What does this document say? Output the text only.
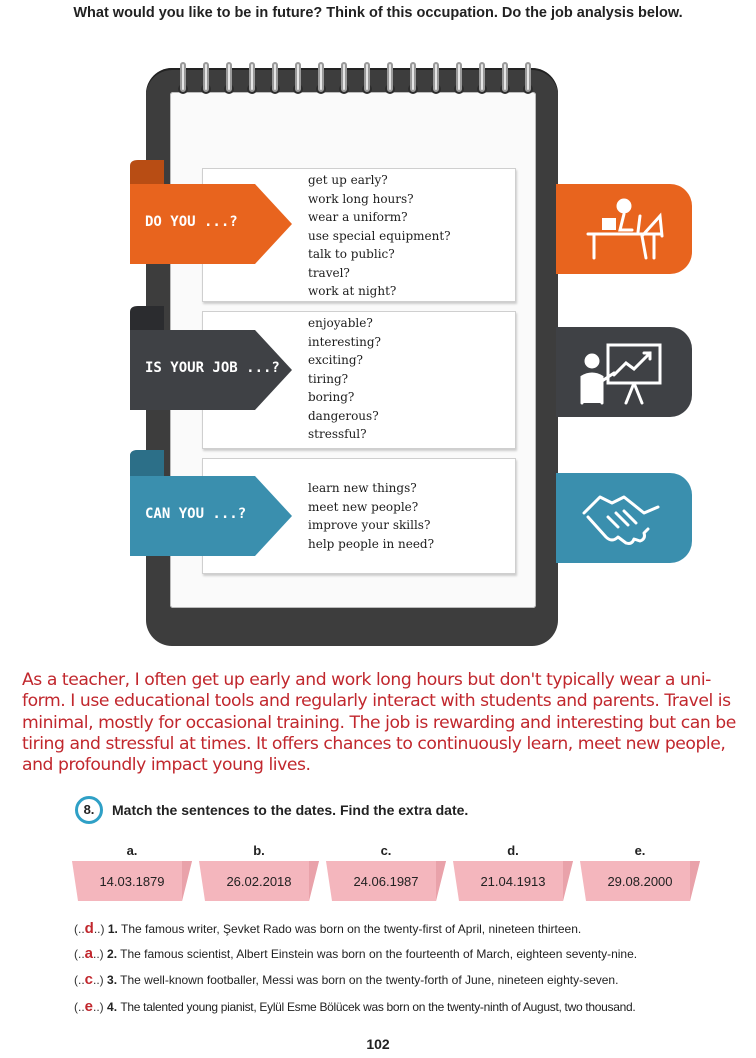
What would you like to be in future? Think of this occupation. Do the job analysis below.
DO YOU ...?
IS YOUR JOB ...?
CAN YOU ...?
get up early?
work long hours?
wear a uniform?
use special equipment?
talk to public?
travel?
work at night?
enjoyable?
interesting?
exciting?
tiring?
boring?
dangerous?
stressful?
learn new things?
meet new people?
improve your skills?
help people in need?
As a teacher, I often get up early and work long hours but don't typically wear a uni-
form. I use educational tools and regularly interact with students and parents. Travel is
minimal, mostly for occasional training. The job is rewarding and interesting but can be
tiring and stressful at times. It offers chances to continuously learn, meet new people,
and profoundly impact young lives.
8.	Match the sentences to the dates. Find the extra date.
a.
14.03.1879
b.
26.02.2018
c.
24.06.1987
d.
21.04.1913
e.
29.08.2000
(..d..) 1. The famous writer, Şevket Rado was born on the twenty-first of April, nineteen thirteen.
(..a..) 2. The famous scientist, Albert Einstein was born on the fourteenth of March, eighteen seventy-nine.
(..c..) 3. The well-known footballer, Messi was born on the twenty-forth of June, nineteen eighty-seven.
(..e..) 4. The talented young pianist, Eylül Esme Bölücek was born on the twenty-ninth of August, two thousand.
102
